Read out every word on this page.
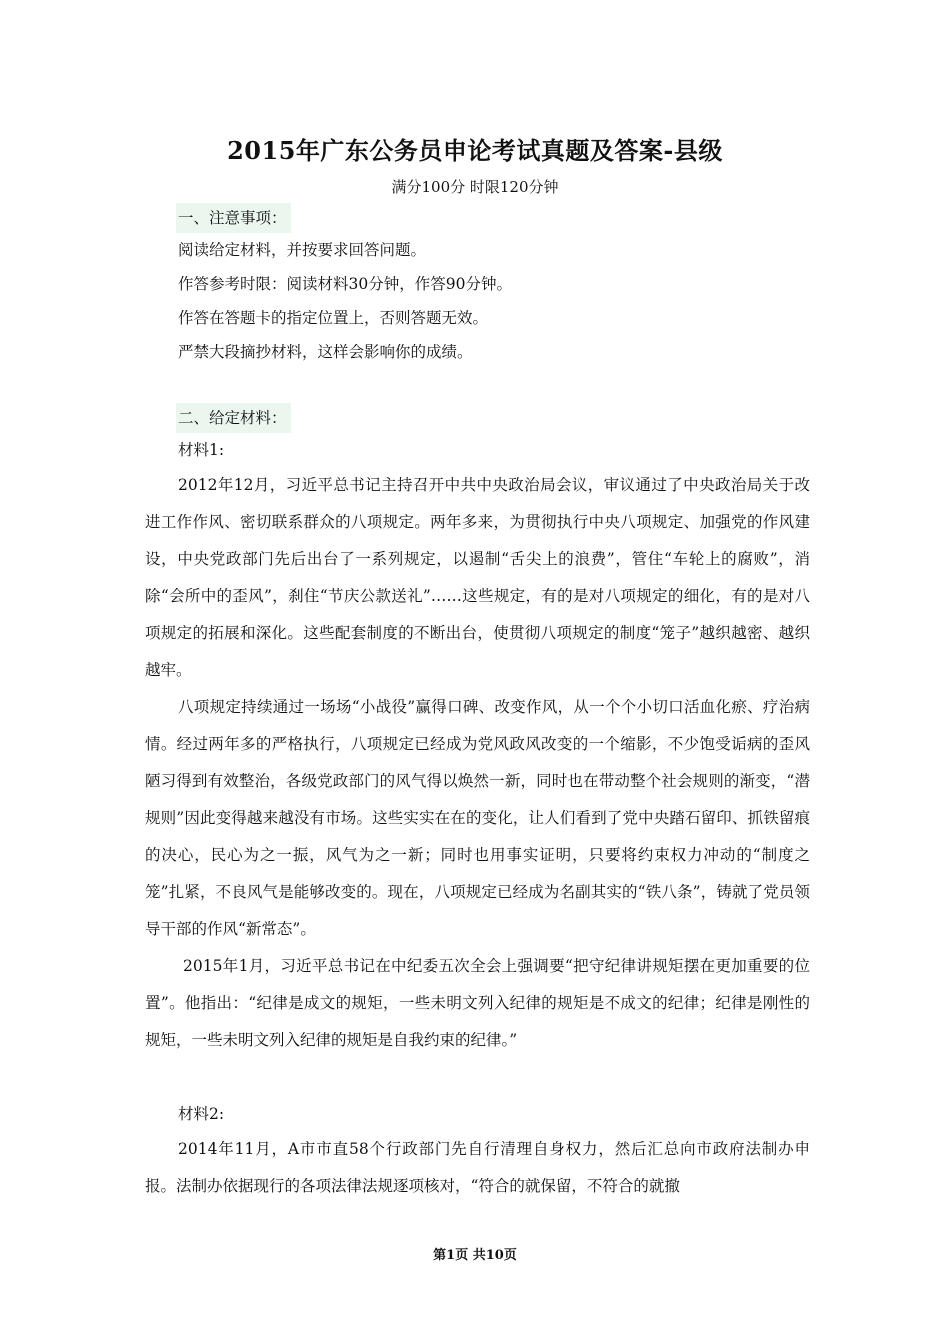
2015年广东公务员申论考试真题及答案-县级
满分100分 时限120分钟
一、注意事项：

阅读给定材料，并按要求回答问题。

作答参考时限：阅读材料30分钟，作答90分钟。

作答在答题卡的指定位置上，否则答题无效。

严禁大段摘抄材料，这样会影响你的成绩。

二、给定材料：

材料1:

2012年12月，习近平总书记主持召开中共中央政治局会议，审议通过了中央政治局关于改进工作作风、密切联系群众的八项规定。两年多来，为贯彻执行中央八项规定、加强党的作风建设，中央党政部门先后出台了一系列规定，以遏制“舌尖上的浪费”，管住“车轮上的腐败”，消除“会所中的歪风”，刹住“节庆公款送礼”……这些规定，有的是对八项规定的细化，有的是对八项规定的拓展和深化。这些配套制度的不断出台，使贯彻八项规定的制度“笼子”越织越密、越织越牢。

八项规定持续通过一场场“小战役”赢得口碑、改变作风，从一个个小切口活血化瘀、疗治病情。经过两年多的严格执行，八项规定已经成为党风政风改变的一个缩影，不少饱受诟病的歪风陋习得到有效整治，各级党政部门的风气得以焕然一新，同时也在带动整个社会规则的渐变，“潜规则”因此变得越来越没有市场。这些实实在在的变化，让人们看到了党中央踏石留印、抓铁留痕的决心，民心为之一振，风气为之一新；同时也用事实证明，只要将约束权力冲动的“制度之笼”扎紧，不良风气是能够改变的。现在，八项规定已经成为名副其实的“铁八条”，铸就了党员领导干部的作风“新常态”。

2015年1月，习近平总书记在中纪委五次全会上强调要“把守纪律讲规矩摆在更加重要的位置”。他指出：“纪律是成文的规矩，一些未明文列入纪律的规矩是不成文的纪律；纪律是刚性的规矩，一些未明文列入纪律的规矩是自我约束的纪律。”

材料2:

2014年11月，A市市直58个行政部门先自行清理自身权力，然后汇总向市政府法制办申报。法制办依据现行的各项法律法规逐项核对，“符合的就保留，不符合的就撤

第1页 共10页
